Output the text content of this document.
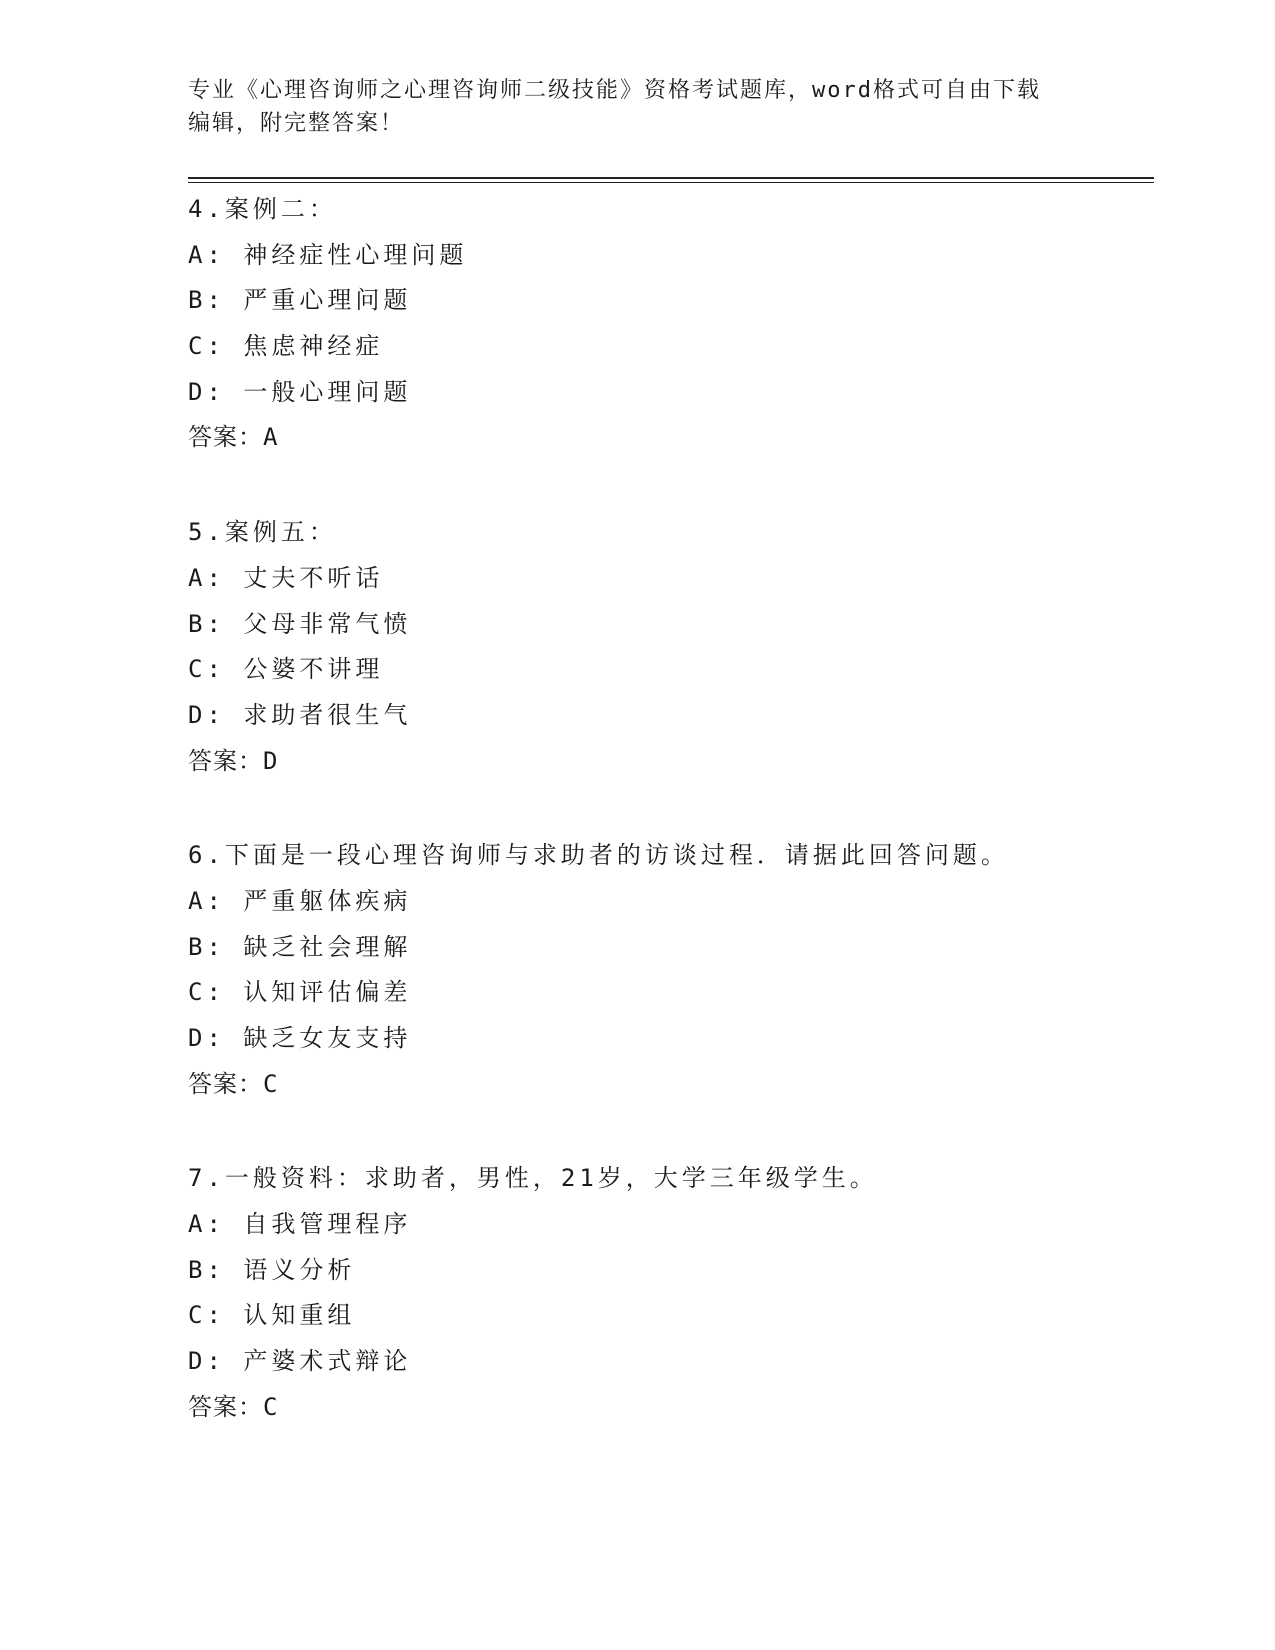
专业《心理咨询师之心理咨询师二级技能》资格考试题库，word格式可自由下载
编辑，附完整答案！
4.案例二：
A: 神经症性心理问题
B: 严重心理问题
C: 焦虑神经症
D: 一般心理问题
答案：A
5.案例五：
A: 丈夫不听话
B: 父母非常气愤
C: 公婆不讲理
D: 求助者很生气
答案：D
6.下面是一段心理咨询师与求助者的访谈过程．请据此回答问题。
A: 严重躯体疾病
B: 缺乏社会理解
C: 认知评估偏差
D: 缺乏女友支持
答案：C
7.一般资料：求助者，男性，21岁，大学三年级学生。
A: 自我管理程序
B: 语义分析
C: 认知重组
D: 产婆术式辩论
答案：C
